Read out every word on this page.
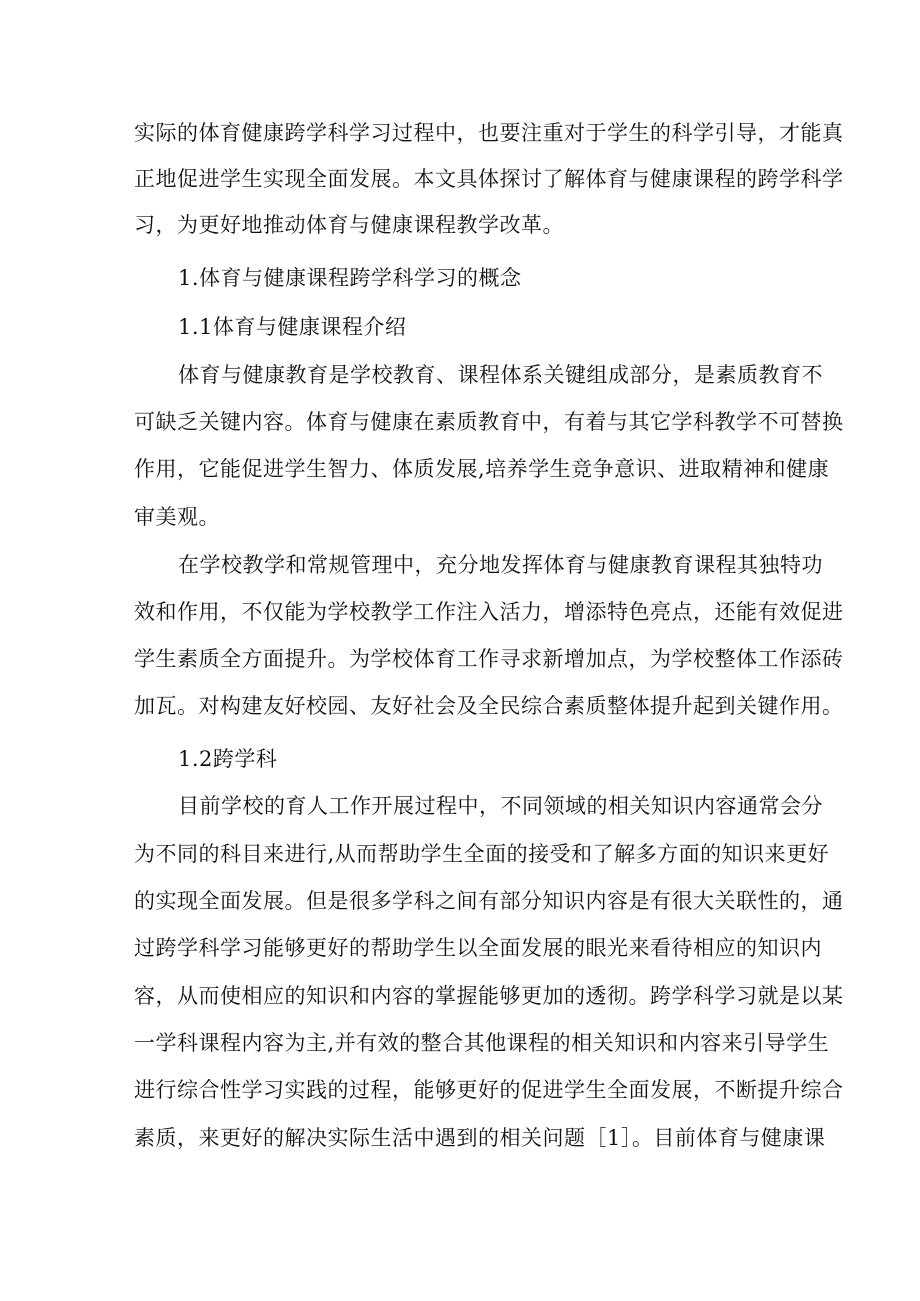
实际的体育健康跨学科学习过程中，也要注重对于学生的科学引导，才能真
正地促进学生实现全面发展。本文具体探讨了解体育与健康课程的跨学科学
习，为更好地推动体育与健康课程教学改革。
1.体育与健康课程跨学科学习的概念
1.1体育与健康课程介绍
体育与健康教育是学校教育、课程体系关键组成部分，是素质教育不
可缺乏关键内容。体育与健康在素质教育中，有着与其它学科教学不可替换
作用，它能促进学生智力、体质发展,培养学生竞争意识、进取精神和健康
审美观。
在学校教学和常规管理中，充分地发挥体育与健康教育课程其独特功
效和作用，不仅能为学校教学工作注入活力，增添特色亮点，还能有效促进
学生素质全方面提升。为学校体育工作寻求新增加点，为学校整体工作添砖
加瓦。对构建友好校园、友好社会及全民综合素质整体提升起到关键作用。
1.2跨学科
目前学校的育人工作开展过程中，不同领域的相关知识内容通常会分
为不同的科目来进行,从而帮助学生全面的接受和了解多方面的知识来更好
的实现全面发展。但是很多学科之间有部分知识内容是有很大关联性的，通
过跨学科学习能够更好的帮助学生以全面发展的眼光来看待相应的知识内
容，从而使相应的知识和内容的掌握能够更加的透彻。跨学科学习就是以某
一学科课程内容为主,并有效的整合其他课程的相关知识和内容来引导学生
进行综合性学习实践的过程，能够更好的促进学生全面发展，不断提升综合
素质，来更好的解决实际生活中遇到的相关问题［1］。目前体育与健康课
